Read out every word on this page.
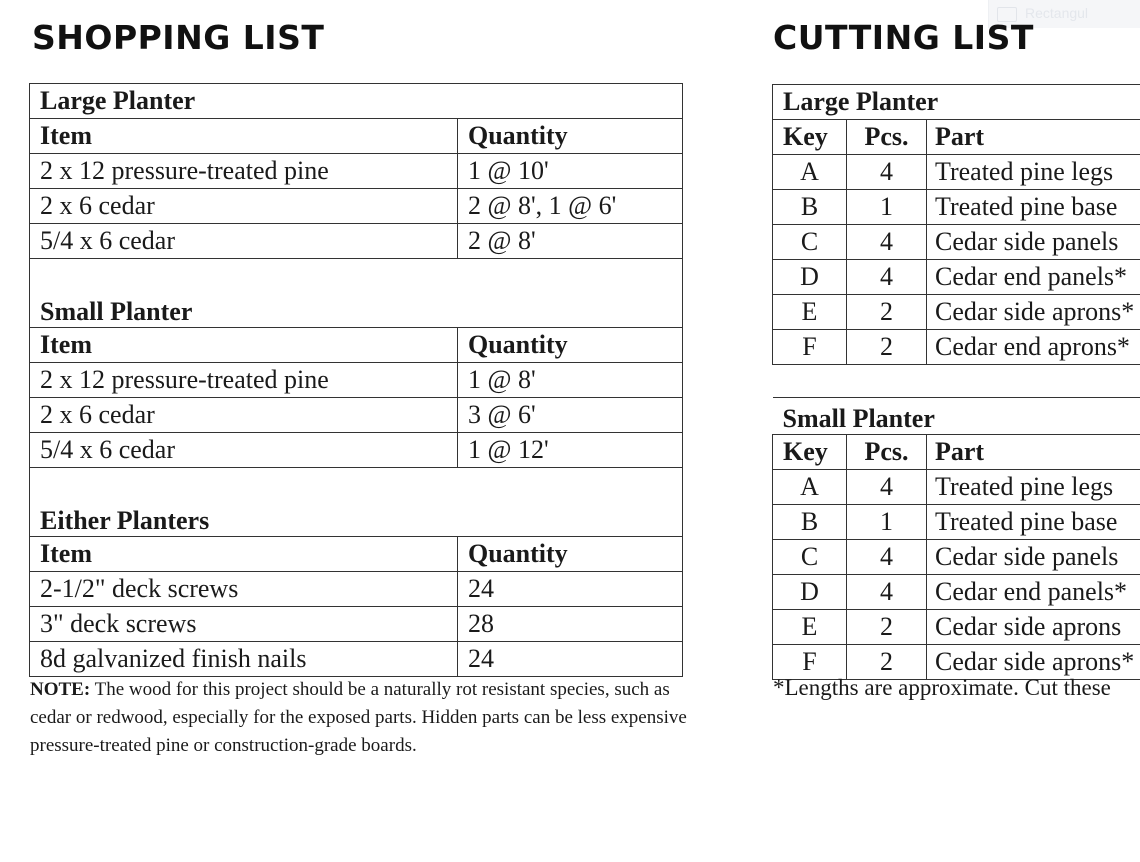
Rectangul
SHOPPING LIST	CUTTING LIST
Large Planter	
Item	Quantity
2 x 12 pressure-treated pine	1 @ 10'
2 x 6 cedar	2 @ 8', 1 @ 6'
5/4 x 6 cedar	2 @ 8'

Small Planter	
Item	Quantity
2 x 12 pressure-treated pine	1 @ 8'
2 x 6 cedar	3 @ 6'
5/4 x 6 cedar	1 @ 12'

Either Planters	
Item	Quantity
2-1/2" deck screws	24
3" deck screws	28
8d galvanized finish nails	24

NOTE: The wood for this project should be a naturally rot resistant species, such as cedar or redwood, especially for the exposed parts. Hidden parts can be less expensive pressure-treated pine or construction-grade boards.

Large Planter		
Key	Pcs.	Part
A	4	Treated pine legs
B	1	Treated pine base
C	4	Cedar side panels
D	4	Cedar end panels*
E	2	Cedar side aprons*
F	2	Cedar end aprons*

Small Planter		
Key	Pcs.	Part
A	4	Treated pine legs
B	1	Treated pine base
C	4	Cedar side panels
D	4	Cedar end panels*
E	2	Cedar side aprons
F	2	Cedar side aprons*

*Lengths are approximate. Cut these
